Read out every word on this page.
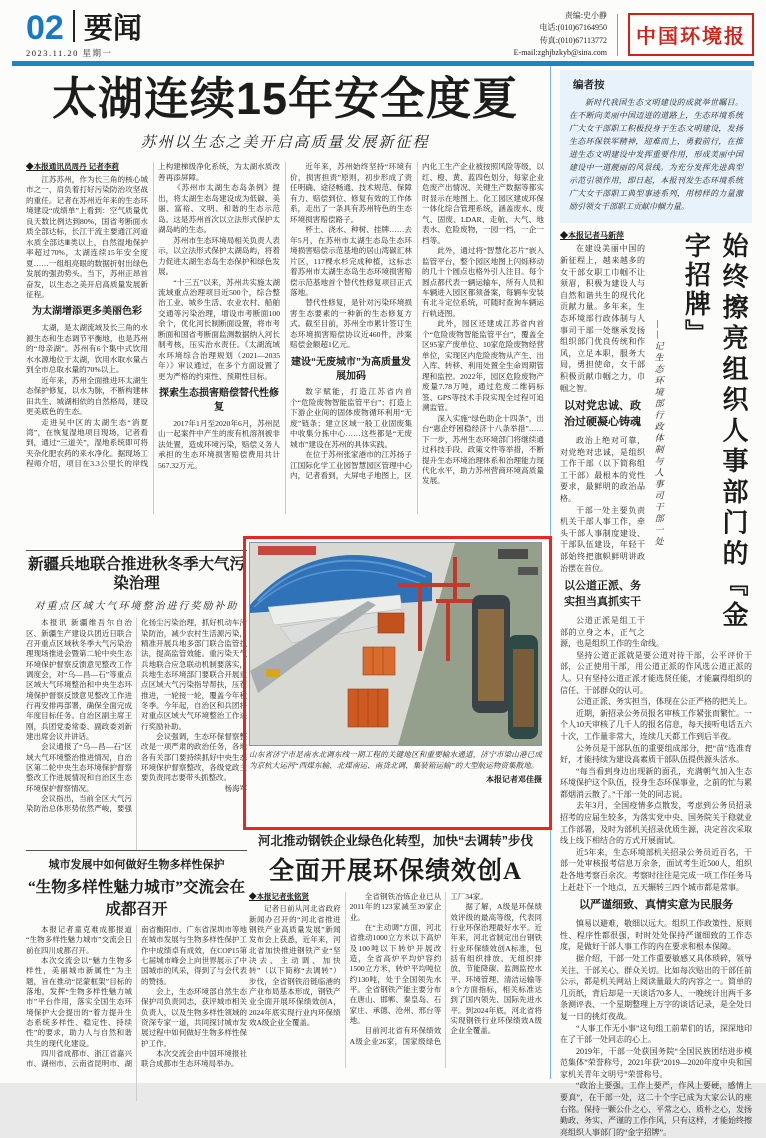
02 要闻
2023.11.20 星期一
责编:史小静
电话:(010)67164950
传真:(010)67113772
E-mail:zghjbzkyb@sina.com
中国环境报
太湖连续15年安全度夏
苏州以生态之美开启高质量发展新征程

◆本报通讯员周丹 记者李莉

江苏苏州，作为长三角的核心城市之一，肩负着打好污染防治攻坚战的重任。记者在苏州近年来的生态环境建设“成绩单”上看到：空气质量优良天数比例达到80%，国省考断面水质全部达标，长江干流主要通江河道水质全部达Ⅲ类以上，自然湿地保护率超过70%，太湖连续15年安全度夏……一组组亮眼的数据折射出绿色发展的强劲势头。当下，苏州正昂首奋发，以生态之美开启高质量发展新征程。

为太湖增添更多美丽色彩

太湖，是太湖流域及长三角的水源生态和生态调节平衡地，也是苏州的“母亲湖”。苏州有6个集中式饮用水水源地位于太湖，饮用水取水量占到全市总取水量的70%以上。

近年来，苏州全面推进环太湖生态保护修复，以水为脉，不断构建林田共生、城湖相依的自然格局，建设更美底色的生态。

走进吴中区的太湖生态“消夏湾”，在恢复湿地项目现场，记者看到，通过“三道关”，湿地系统即可将夹杂化肥农药的来水净化。据现场工程师介绍，项目在3.3公里长的岸线上构建梯级净化系统，为太湖水质改善再添屏障。

《苏州市太湖生态岛条例》提出，将太湖生态岛建设成为低碳、美丽、富裕、文明、和谐的生态示范岛。这是苏州首次以立法形式保护太湖岛屿的生态。

苏州市生态环境局相关负责人表示，以立法形式保护太湖岛屿，将着力促进太湖生态岛生态保护和绿色发展。

“十三五”以来，苏州共实施太湖流域重点治理项目近500个，综合整治工业、城乡生活、农业农村、船舶交通等污染治理，增设市考断面100余个，优化河长制断面设置，将市考断面和国省考断面监测数据纳入河长制考核，压实治水责任。《太湖流域水环境综合治理规划（2021—2035年）》审议通过，在多个方面设置了更为严格的约束性、预期性目标。

探索生态损害赔偿替代性修复

2017年1月至2020年6月，苏州昆山一起案件中产生的废有机溶剂被非法处置，造成环境污染，赔偿义务人承担的生态环境损害赔偿费用共计567.32万元。

近年来，苏州始终坚持“环境有价，损害担责”原则，初步形成了责任明确、途径畅通、技术规范、保障有力、赔偿到位、修复有效的工作体系，走出了一条具有苏州特色的生态环境损害赔偿路子。

杯土、浇水、种树、挂牌……去年5月，在苏州市太湖生态岛生态环境损害赔偿示范基地的居山湾碳汇林片区，117棵水杉完成种植，这标志着苏州市太湖生态岛生态环境损害赔偿示范基地首个替代性修复项目正式落地。

替代性修复，是针对污染环境损害生态要素的一种新的生态修复方式。截至目前，苏州全市累计签订生态环境损害赔偿协议近460件，涉案赔偿金额超1亿元。

建设“无废城市”为高质量发展加码

数字赋能，打造江苏省内首个“危险废物智能监管平台”；打造上下游企业间的固体废物循环利用“无废”链条；建立区域一般工业固废集中收集分拣中心……这些都是“无废城市”建设在苏州的具体实践。

在位于苏州张家港市的江苏扬子江国际化学工业园智慧园区管理中心内，记者看到，大屏电子地图上，区内化工生产企业被按照风险等级，以红、橙、黄、蓝四色划分，每家企业危废产出情况、关键生产数据等都实时显示在地图上。化工园区建成环保一体化综合管理系统，涵盖废水、废气、固废、LDAR、走航、大气、地表水、危险废物，一园一档，一企一档等。

此外，通过将“智慧化芯片”嵌入监管平台，整个园区地图上闪烁移动的几十个圆点也格外引人注目。每个圆点都代表一辆运输车，所有人员和车辆进入园区都须备案，每辆车安装有北斗定位系统，可随时查询车辆运行轨迹图。

此外，园区还建成江苏省内首个“危险废物智能监管平台”，覆盖全区95家产废单位、10家危险废物经营单位，实现区内危险废物从产生、出入库、转移、利用处置全生命周期管理和监控。2022年，园区危险废物产废量7.78万吨，通过危废二维码标签、GPS等技术手段实现全过程可追溯监管。

深入实施“绿色助企十四条”，出台“惠企纾困稳经济十八条举措”……下一步，苏州生态环境部门将继续通过科技手段、政策文件等举措，不断提升生态环境治理体系和治理能力现代化水平，助力苏州营商环境高质量发展。

编者按

新时代我国生态文明建设的成就举世瞩目。在不断向美丽中国迈进的道路上，生态环境系统广大女干部职工积极投身于生态文明建设，发扬生态环保铁军精神，迎难而上，勇毅前行，在推进生态文明建设中发挥重要作用，形成美丽中国建设中一道靓丽的风景线。为充分发挥先进典型示范引领作用，即日起，本报刊发生态环境系统广大女干部职工典型事迹系列，用榜样的力量激励引领女干部职工贡献巾帼力量。

——记生态环境部行政体制与人事司干部一处	始终擦亮组织人事部门的『金字招牌』

◆本报记者马新萍

在建设美丽中国的新征程上，越来越多的女干部女职工巾帼不让须眉，积极为建设人与自然和谐共生的现代化贡献力量。多年来，生态环境部行政体制与人事司干部一处继承发扬组织部门优良传统和作风，立足本职，服务大局，勇担使命，女干部积极贡献巾帼之力，巾帼之智。

以对党忠诚、政治过硬凝心铸魂

政治上绝对可靠，对党绝对忠诚，是组织工作干部（以下简称组工干部）最根本的党性要求，最鲜明的政治品格。

干部一处主要负责机关干部人事工作，牵头干部人事制度建设、干部队伍建设，年轻干部始终把旗帜鲜明讲政治摆在首位。

以公道正派、务实担当真抓实干

公道正派是组工干部的立身之本，正气之源，也是组织工作的生命线。

坚持公道正派就是要公道对待干部，公平评价干部，公正使用干部，用公道正派的作风选公道正派的人。只有坚持公道正派才能选贤任能，才能赢得组织的信任、干部群众的认可。

公道正派、务实担当，体现在公正严格的把关上。

近期，新招录公务员报名审核工作紧张而繁忙。一个人10天审核了几千人的报名信息，每天接听电话五六十次，工作量非常大，连续几天都工作到后半夜。

公务员是干部队伍的重要组成部分，把“苗”选准育好，才能持续为建设高素质干部队伍提供源头活水。

“每当看到身边出现新的面孔，充满朝气加入生态环境保护这个队伍，投身生态环保事业，之前的忙与累都烟消云散了。”干部一处的同志说。

去年3月，全国疫情多点散发，考虑到公务员招录招考的应届生较多，为落实党中央、国务院关于稳就业工作部署，及时为部机关招录优质生源，决定首次采取线上线下相结合的方式开展面试。

近5年来，生态环境部机关招录公务员近百名，干部一处审核报考信息万余条，面试考生近500人，组织赴各地考察百余次。考察时往往是完成一项工作任务马上赶赴下一个地点，五天辗转三四个城市都是常事。

以严谨细致、真情实意为民服务

慎易以避难，敬细以远大。组织工作政策性、原则性、程序性都很强，时时处处保持严谨细致的工作态度，是做好干部人事工作的内在要求和根本保障。

据介绍，干部一处工作重要敏感又具体琐碎，领导关注、干部关心、群众关切。比如每次贴出的干部任前公示，都是机关网站上阅读量最大的内容之一。简单的几页纸，背后却是一天谈话70多人、一晚统计出两千多条测评表、一个星期整理上万字的谈话记录，是全处日复一日的挑灯夜战。

“人事工作无小事”这句组工前辈们的话，深深地印在了干部一处同志的心上。

2019年，干部一处获国务院“全国民族团结进步模范集体”荣誉称号，2021年获“2019—2020年度中央和国家机关青年文明号”荣誉称号。

“政治上要强，工作上要严，作风上要硬，感情上要真”，在干部一处，这二十个字已成为大家公认的座右铭。保持一颗公仆之心、平常之心、质朴之心，发扬勤政、务实、严谨的工作作风，只有这样，才能始终擦亮组织人事部门的“金字招牌”。

新疆兵地联合推进秋冬季大气污染治理
对重点区域大气环境整治进行奖励补助

本报讯 新疆维吾尔自治区、新疆生产建设兵团近日联合召开重点区域秋冬季大气污染治理现场推进会暨第二轮中央生态环境保护督察反馈意见整改工作调度会，对“乌—昌—石”等重点区域大气环境整治和中央生态环境保护督察反馈意见整改工作进行再安排再部署，确保全面完成年度目标任务。自治区副主席王刚，兵团党委常委、副政委刘新建出席会议并讲话。

会议通报了“乌—昌—石”区域大气环境整治推进情况，自治区第二轮中央生态环境保护督察整改工作进展情况和自治区生态环境保护督察情况。

会议指出，当前全区大气污染防治总体形势依然严峻，要强化扬尘污染治理，抓好机动车污染防治，减少农村生活源污染，精准开展兵地多部门联合监管执法，提高监管效能。重污染天气兵地联合应急联动机制要落实，兵地生态环境部门要联合开展重点区域大气污染指导帮扶，压茬推进，一轮接一轮，覆盖今年秋冬季。今年起，自治区和兵团将对重点区域大气环境整治工作进行奖励补助。

会议强调，生态环保督察整改是一项严肃的政治任务，各地各有关部门要持续抓好中央生态环境保护督察整改，各级党政主要负责同志要带头抓整改。

杨海军

山东省济宁市是南水北调东线一期工程的关键地区和重要输水通道，济宁市梁山港已成为京杭大运河“西煤东输、北煤南运、南货北调、集装箱运输”的大型航运物资集散地。
本报记者邓佳摄
城市发展中如何做好生物多样性保护
“生物多样性魅力城市”交流会在成都召开

本报记者童克难成都报道 “生物多样性魅力城市”交流会日前在四川成都召开。

本次交流会以“魅力生物多样性，美丽城市新属性”为主题，旨在推动“昆蒙框架”目标的落地，发挥“生物多样性魅力城市”平台作用，落实全国生态环境保护大会提出的“着力提升生态系统多样性、稳定性、持续性”的要求，助力人与自然和谐共生的现代化建设。

四川省成都市、浙江省嘉兴市、湖州市、云南省昆明市、湖南省衡阳市、广东省深圳市等地在城市发展与生物多样性保护工作中成绩卓有成效，在COP15第七届城市峰会上向世界展示了中国城市的风采，得到了与会代表的赞扬。

会上，生态环境部自然生态保护司负责同志，获评城市相关负责人，以及生物多样性领域的资深专家一道，共同探讨城市发展过程中如何做好生物多样性保护工作。

本次交流会由中国环境报社联合成都市生态环境局举办。

河北推动钢铁企业绿色化转型，加快“去调转”步伐
全面开展环保绩效创A

◆本报记者张铭贤

记者日前从河北省政府新闻办召开的“河北省推进钢铁产业高质量发展”新闻发布会上获悉，近年来，河北省加快推进钢铁产业“坚决去、主动调、加快转”（以下简称“去调转”）步伐，全省钢铁沿链临港的产业布局基本形成，钢铁产业全面开展环保绩效创A，2024年底实现行业内环保绩效A级企业全覆盖。

全省钢铁冶炼企业已从2011年的123家减至39家企业。

在“主动调”方面，河北省推动1000立方米以下高炉及100吨以下转炉开展改造，全省高炉平均炉容约1500立方米，转炉平均吨位约130吨，处于全国领先水平。全省钢铁产能主要分布在唐山、邯郸、秦皇岛、石家庄、承德、沧州、邢台等地。

目前河北省有环保绩效A级企业26家，国家级绿色工厂34家。

据了解，A级是环保绩效评级的最高等级，代表同行业环保治理最好水平。近年来，河北省制定出台钢铁行业环保绩效创A标准，包括有组织排放、无组织排放、节能降碳、监测监控水平、环境管理、清洁运输等8个方面指标，相关标准达到了国内领先、国际先进水平。到2024年底，河北省将实现钢铁行业环保绩效A级企业全覆盖。
